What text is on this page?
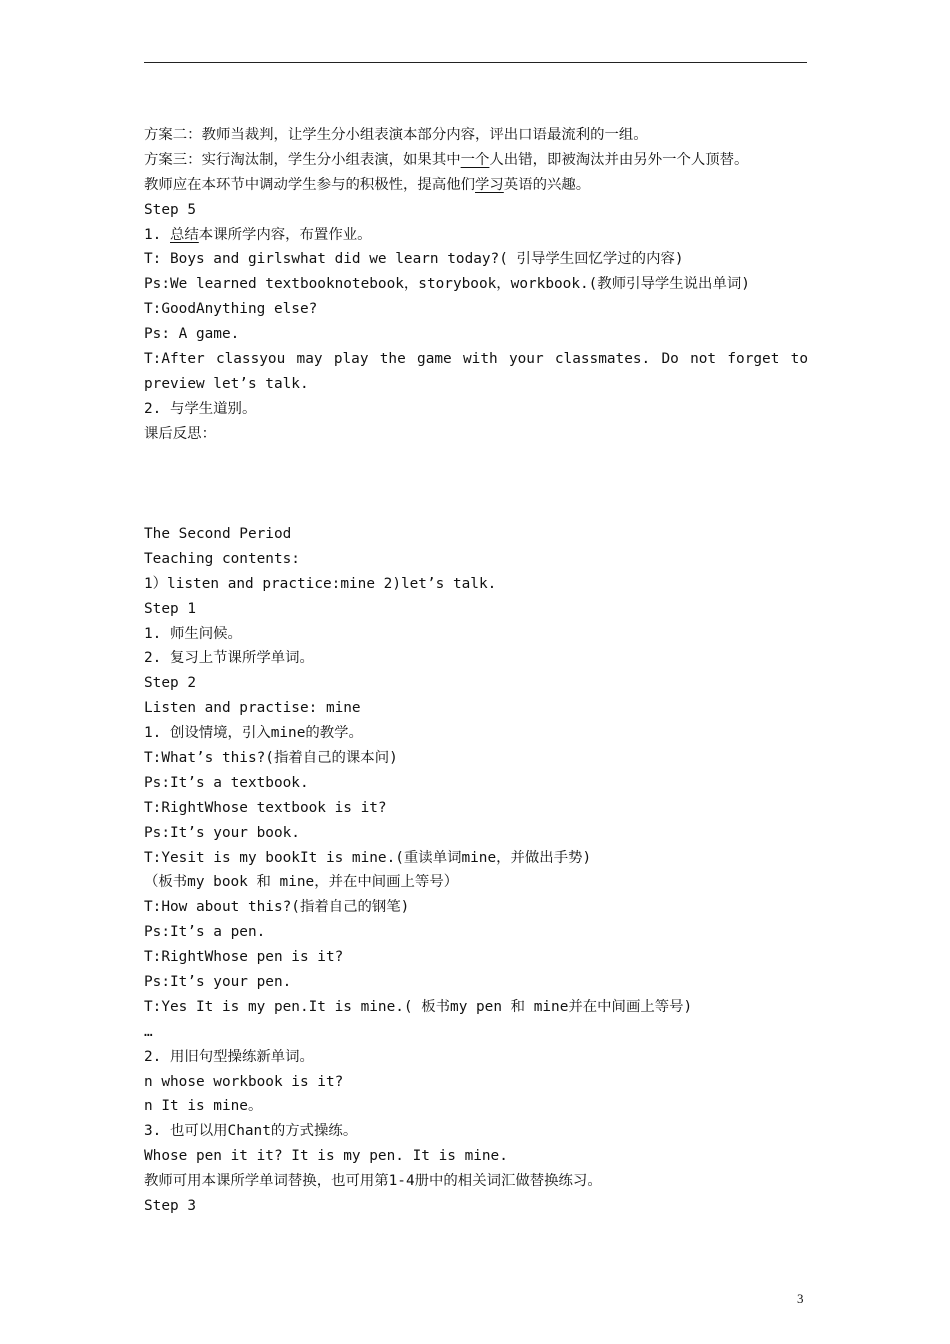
方案二：教师当裁判，让学生分小组表演本部分内容，评出口语最流利的一组。
方案三：实行淘汰制，学生分小组表演，如果其中一个人出错，即被淘汰并由另外一个人顶替。
教师应在本环节中调动学生参与的积极性，提高他们学习英语的兴趣。
Step 5
1. 总结本课所学内容，布置作业。
T: Boys and girlswhat did we learn today?( 引导学生回忆学过的内容)
Ps:We learned textbooknotebook，storybook，workbook.(教师引导学生说出单词)
T:GoodAnything else?
Ps: A game.
T:After classyou may play the game with your classmates. Do not forget to
preview let’s talk.
2. 与学生道别。
课后反思：
The Second Period
Teaching contents:
1）listen and practice:mine 2)let’s talk.
Step 1
1. 师生问候。
2. 复习上节课所学单词。
Step 2
Listen and practise: mine
1. 创设情境，引入mine的教学。
T:What’s this?(指着自己的课本问)
Ps:It’s a textbook.
T:RightWhose textbook is it?
Ps:It’s your book.
T:Yesit is my bookIt is mine.(重读单词mine，并做出手势)
（板书my book 和 mine，并在中间画上等号）
T:How about this?(指着自己的钢笔)
Ps:It’s a pen.
T:RightWhose pen is it?
Ps:It’s your pen.
T:Yes It is my pen.It is mine.( 板书my pen 和 mine并在中间画上等号)
…
2. 用旧句型操练新单词。
n whose workbook is it?
n It is mine。
3. 也可以用Chant的方式操练。
Whose pen it it? It is my pen. It is mine.
教师可用本课所学单词替换，也可用第1-4册中的相关词汇做替换练习。
Step 3
3
